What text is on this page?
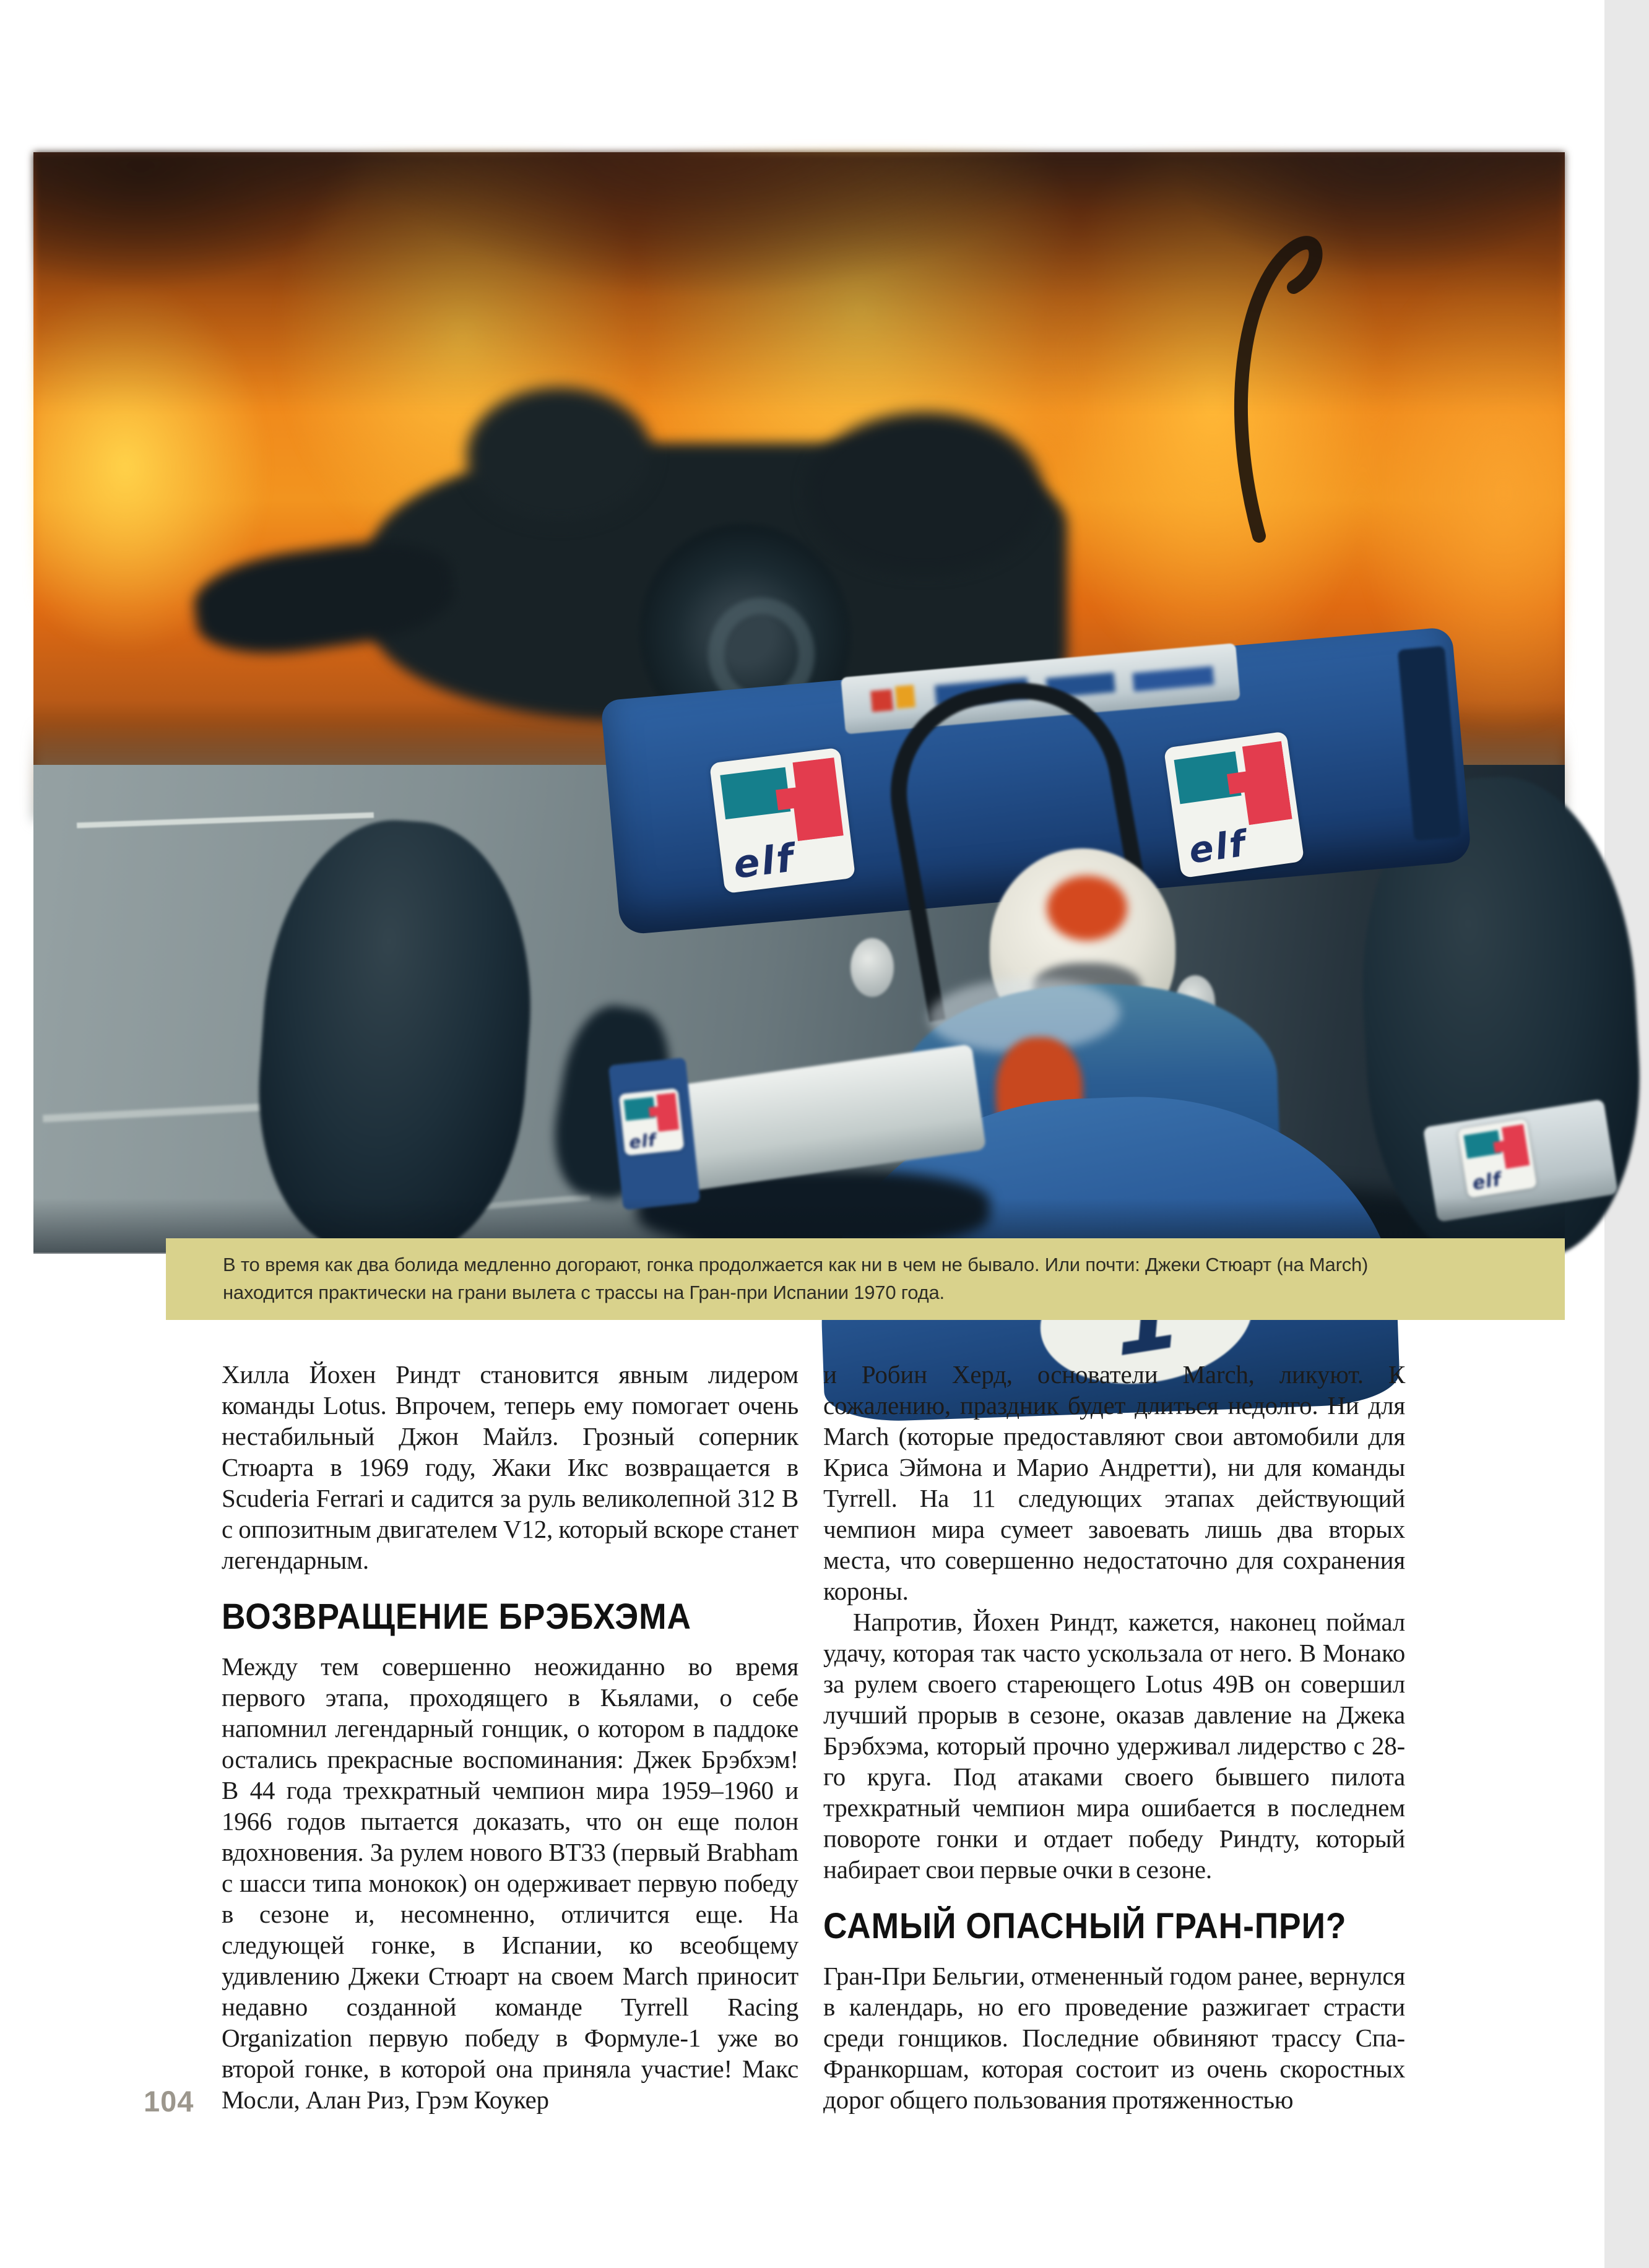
elf	elf
elf
elf
В то время как два болида медленно догорают, гонка продолжается как ни в чем не бывало. Или почти: Джеки Стюарт (на March) находится практически на грани вылета с трассы на Гран-при Испании 1970 года.

Хилла Йохен Риндт становится явным лидером команды Lotus. Впрочем, теперь ему помогает очень нестабильный Джон Майлз. Грозный соперник Стюарта в 1969 году, Жаки Икс возвращается в Scuderia Ferrari и садится за руль великолепной 312 B с оппозитным двигателем V12, который вскоре станет легендарным.

ВОЗВРАЩЕНИЕ БРЭБХЭМА

Между тем совершенно неожиданно во время первого этапа, проходящего в Кьялами, о себе напомнил легендарный гонщик, о котором в паддоке остались прекрасные воспоминания: Джек Брэбхэм! В 44 года трехкратный чемпион мира 1959–1960 и 1966 годов пытается доказать, что он еще полон вдохновения. За рулем нового BT33 (первый Brabham с шасси типа монокок) он одерживает первую победу в сезоне и, несомненно, отличится еще. На следующей гонке, в Испании, ко всеобщему удивлению Джеки Стюарт на своем March приносит недавно созданной команде Tyrrell Racing Organization первую победу в Формуле-1 уже во второй гонке, в которой она приняла участие! Макс Мосли, Алан Риз, Грэм Коукер

и Робин Херд, основатели March, ликуют. К сожалению, праздник будет длиться недолго. Ни для March (которые предоставляют свои автомобили для Криса Эймона и Марио Андретти), ни для команды Tyrrell. На 11 следующих этапах действующий чемпион мира сумеет завоевать лишь два вторых места, что совершенно недостаточно для сохранения короны.

Напротив, Йохен Риндт, кажется, наконец поймал удачу, которая так часто ускользала от него. В Монако за рулем своего стареющего Lotus 49B он совершил лучший прорыв в сезоне, оказав давление на Джека Брэбхэма, который прочно удерживал лидерство с 28-го круга. Под атаками своего бывшего пилота трехкратный чемпион мира ошибается в последнем повороте гонки и отдает победу Риндту, который набирает свои первые очки в сезоне.

САМЫЙ ОПАСНЫЙ ГРАН-ПРИ?

Гран-При Бельгии, отмененный годом ранее, вернулся в календарь, но его проведение разжигает страсти среди гонщиков. Последние обвиняют трассу Спа-Франкоршам, которая состоит из очень скоростных дорог общего пользования протяженностью

104
